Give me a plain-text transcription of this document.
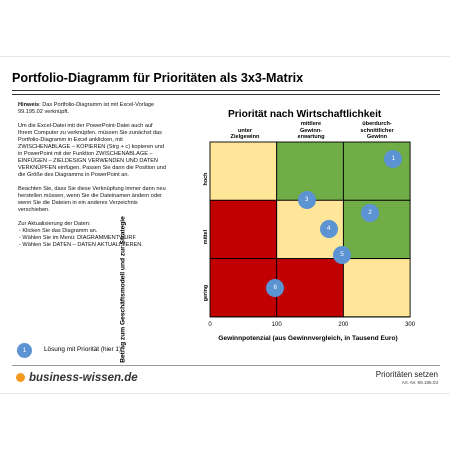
Portfolio-Diagramm für Prioritäten als 3x3-Matrix

Hinweis: Das Portfolio-Diagramm ist mit Excel-Vorlage 99.195.02 verknüpft.

Um die Excel-Datei mit der PowerPoint-Datei auch auf Ihrem Computer zu verknüpfen, müssen Sie zunächst das Portfolio-Diagramm in Excel anklicken, mit ZWISCHENABLAGE – KOPIEREN (Strg + c) kopieren und in PowerPoint mit der Funktion ZWISCHENABLAGE – EINFÜGEN – ZIELDESIGN VERWENDEN UND DATEN VERKNÜPFEN einfügen. Passen Sie dann die Position und die Größe des Diagramms in PowerPoint an.

Beachten Sie, dass Sie diese Verknüpfung immer dann neu herstellen müssen, wenn Sie die Dateinamen ändern oder wenn Sie die Dateien in ein anderes Verzeichnis verschieben.

Zur Aktualisierung der Daten:
- Klicken Sie das Diagramm an.
- Wählen Sie im Menü: DIAGRAMMENTWURF
- Wählen Sie DATEN – DATEN AKTUALISIEREN.
Priorität nach Wirtschaftlichkeit
unter
Zielgewinn
mittlere
Gewinn-
erwartung
überdurch-
schnittlicher
Gewinn
hoch
mittel
gering
Betrag zum Geschäftsmodell und zur Strategie	0	100	200	300
Gewinnpotenzial (aus Gewinnvergleich, in Tausend Euro)
1
2
3
4
5
6
1	Lösung mit Priorität (hier 1)
business-wissen.de	Prioritäten setzen
Art.-Nr. 99.195.03
